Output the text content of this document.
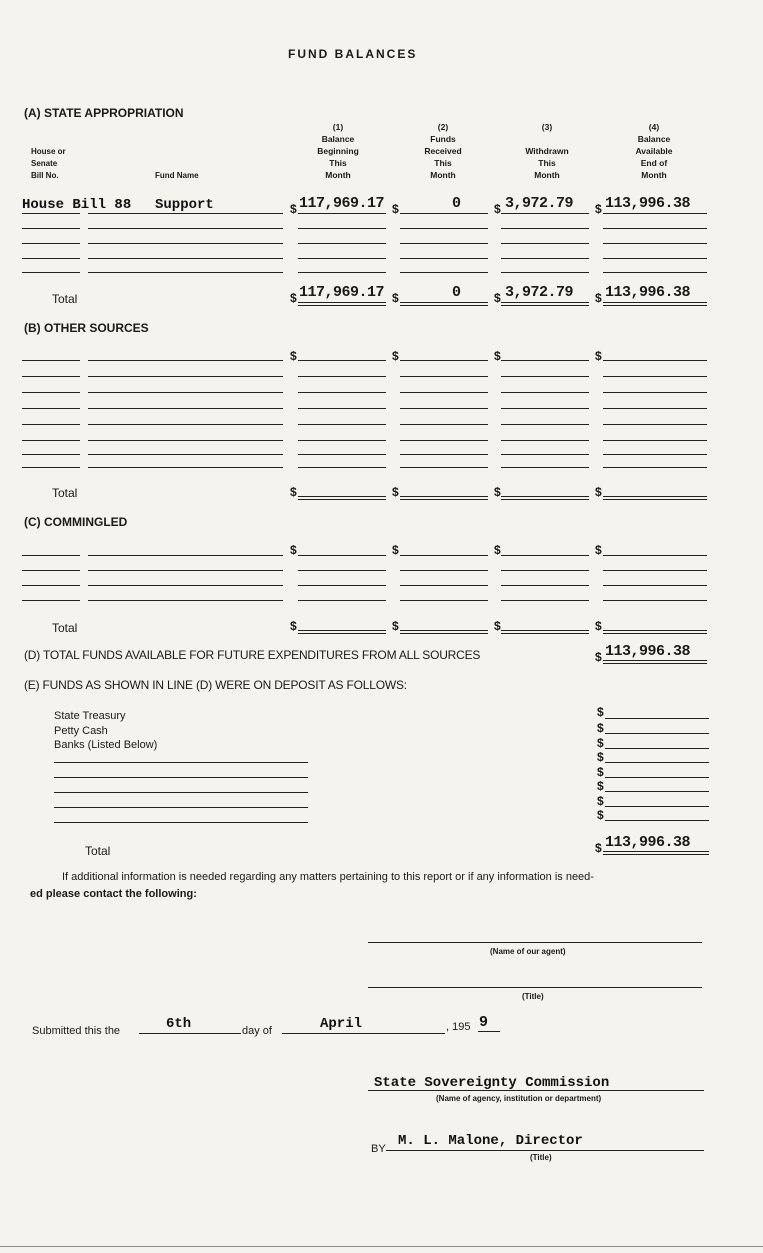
FUND BALANCES
(A) STATE APPROPRIATION
House or
Senate
Bill No.	Fund Name
(1)
Balance
Beginning
This
Month
(2)
Funds
Received
This
Month
(3)
Withdrawn
This
Month
(4)
Balance
Available
End of
Month
House Bill 88 Support	$ 117,969.17 $	0	$ 3,972.79 $ 113,996.38
Total	$ 117,969.17 $	0	$ 3,972.79 $ 113,996.38
(B) OTHER SOURCES
$	$	$	$
Total	$	$	$	$
(C) COMMINGLED
$	$	$	$
Total	$	$	$	$
(D) TOTAL FUNDS AVAILABLE FOR FUTURE EXPENDITURES FROM ALL SOURCES	$ 113,996.38
(E) FUNDS AS SHOWN IN LINE (D) WERE ON DEPOSIT AS FOLLOWS:
State Treasury
Petty Cash
Banks (Listed Below)
$
$
$
$
$
$
$
$
Total	$ 113,996.38
If additional information is needed regarding any matters pertaining to this report or if any information is need-
ed please contact the following:
(Name of our agent)
(Title)
Submitted this the	6th	day of	April	, 195 9
State Sovereignty Commission
(Name of agency, institution or department)
BY M. L. Malone, Director
(Title)
